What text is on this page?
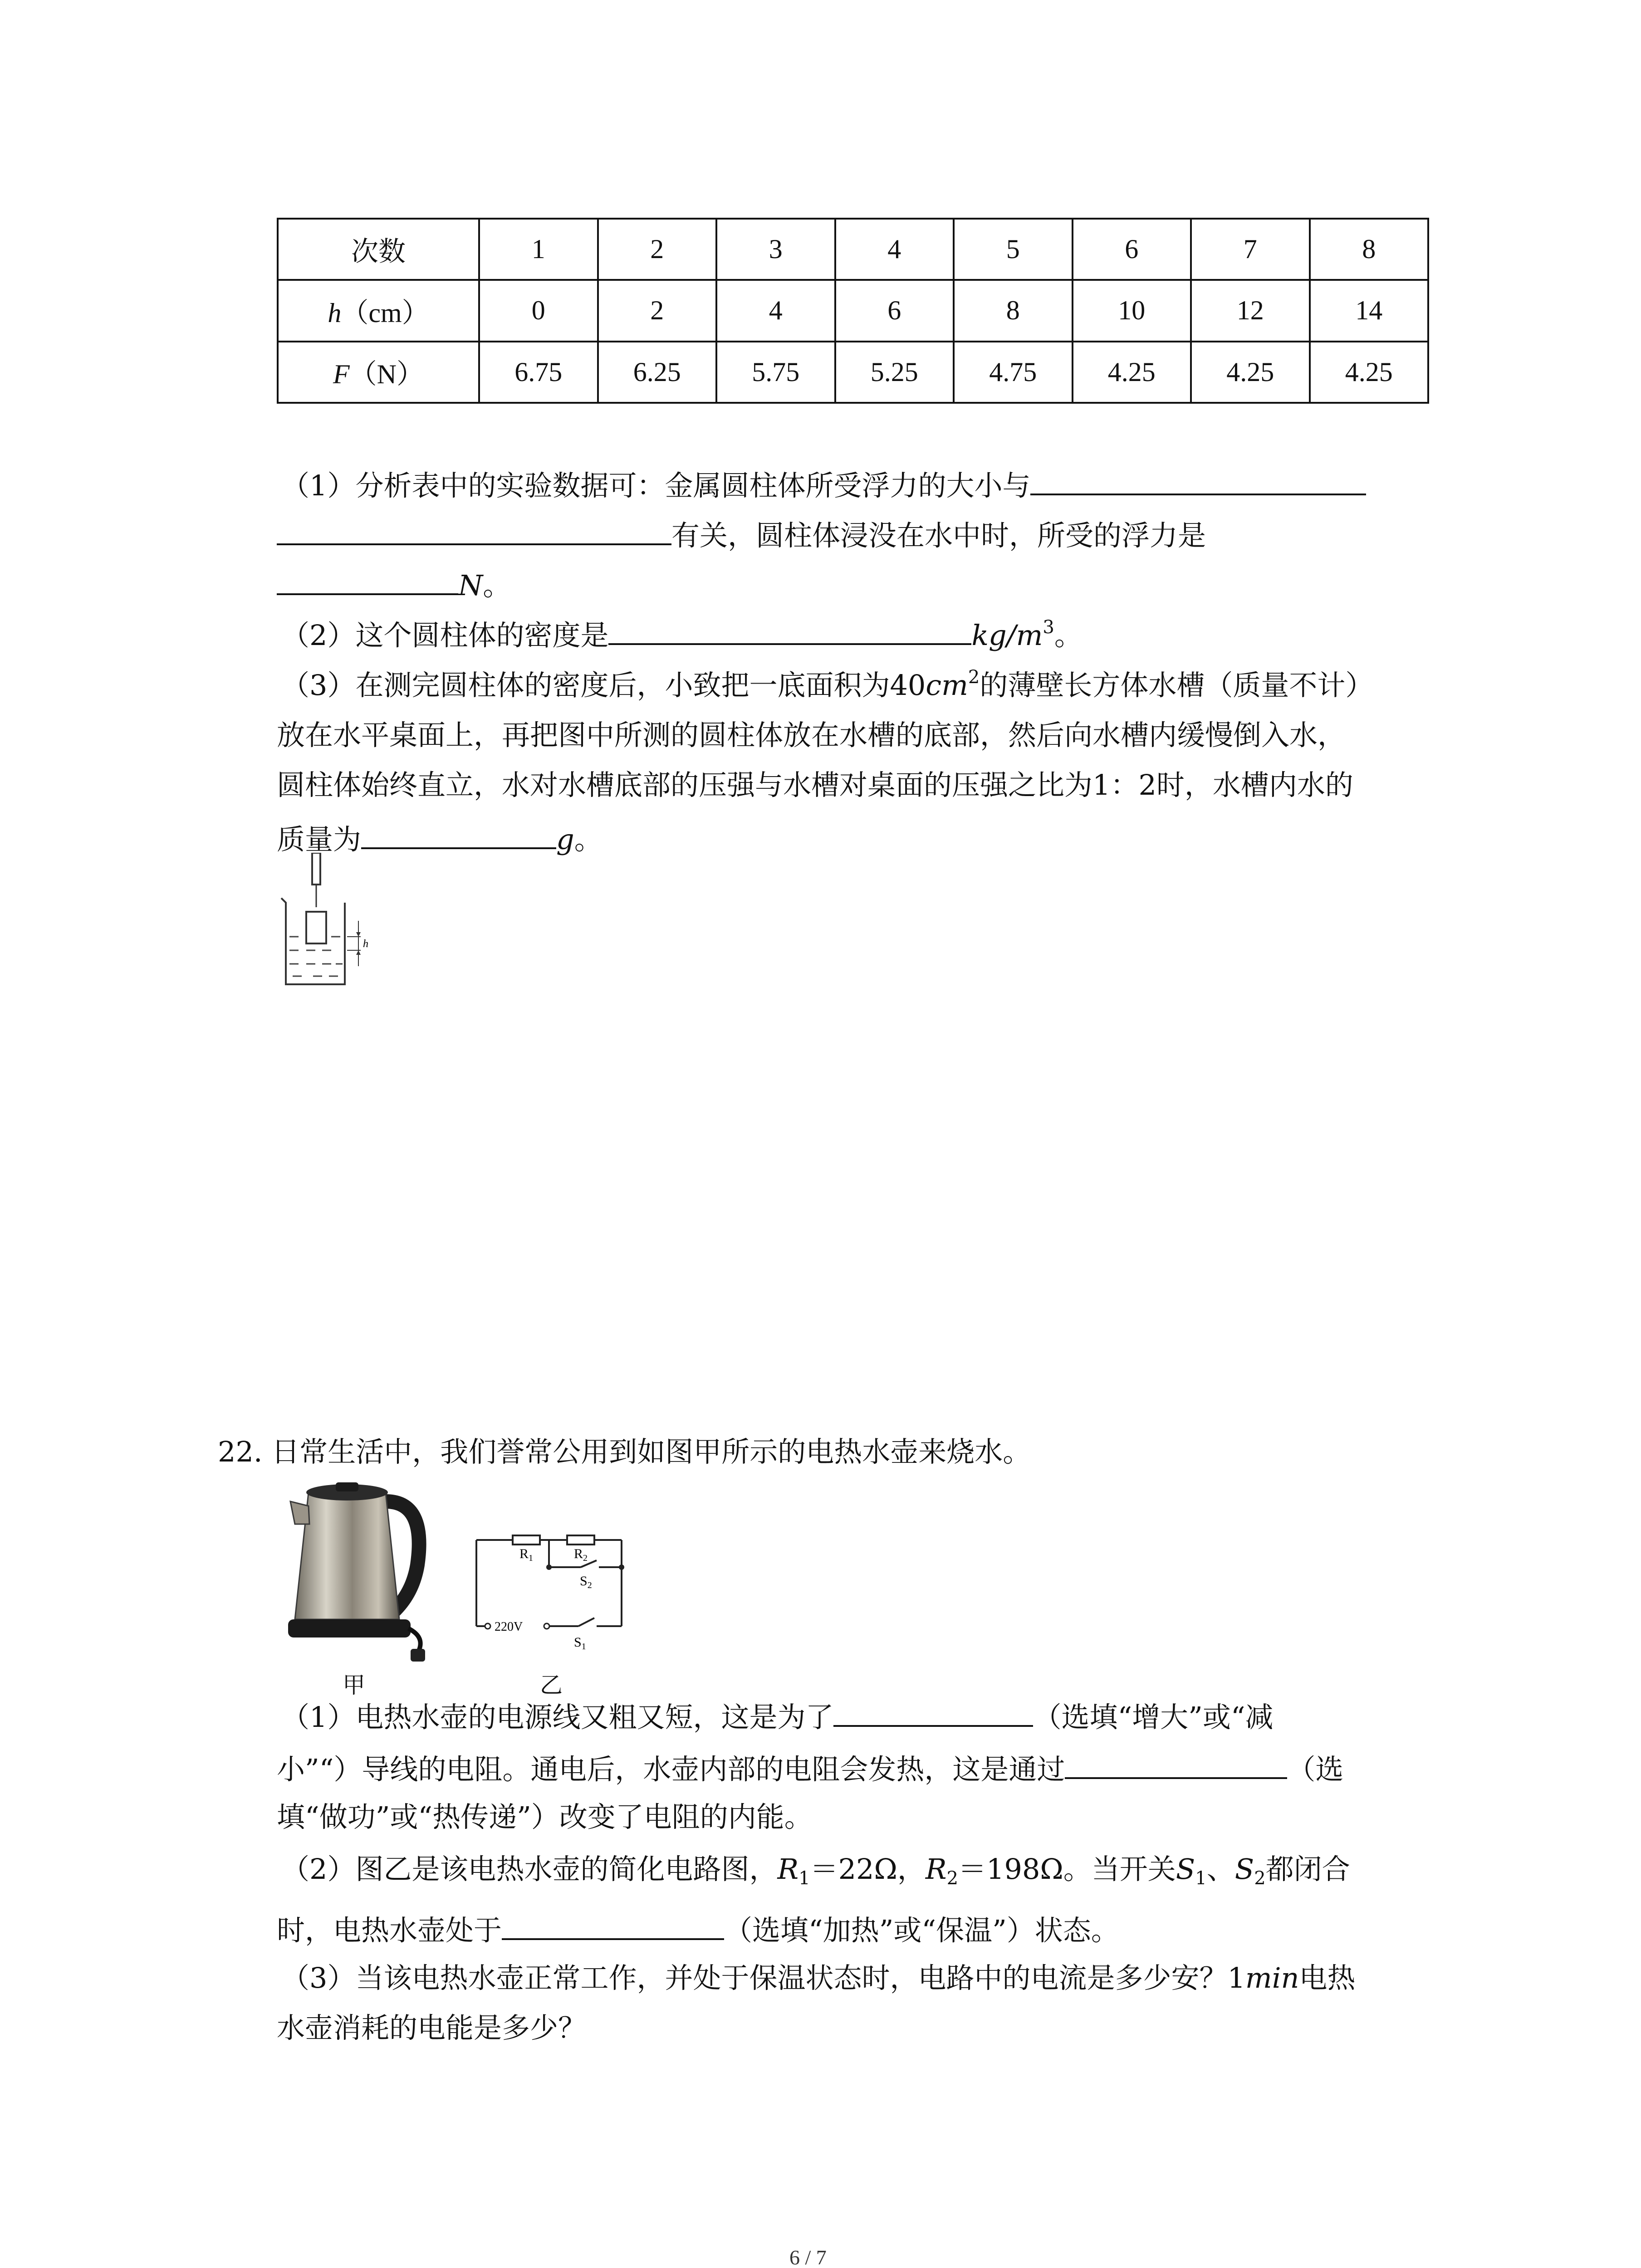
次数	1	2	3	4	5	6	7	8
h（cm）	0	2	4	6	8	10	12	14
F（N）	6.75	6.25	5.75	5.25	4.75	4.25	4.25	4.25
（1）分析表中的实验数据可：金属圆柱体所受浮力的大小与
有关，圆柱体浸没在水中时，所受的浮力是
N。
（2）这个圆柱体的密度是	$kg/m^3$。
（3）在测完圆柱体的密度后，小致把一底面积为$40cm^2$的薄壁长方体水槽（质量不计）
放在水平桌面上，再把图中所测的圆柱体放在水槽的底部，然后向水槽内缓慢倒入水，
圆柱体始终直立，水对水槽底部的压强与水槽对桌面的压强之比为1：2时，水槽内水的
质量为	g。
h
22. 日常生活中，我们誉常公用到如图甲所示的电热水壶来烧水。
甲
$R_1$	$R_2$
$S_2$
220V
$S_1$
乙
（1）电热水壶的电源线又粗又短，这是为了	（选填“增大”或“减
小”“）导线的电阻。通电后，水壶内部的电阻会发热，这是通过	（选
填“做功”或“热传递”）改变了电阻的内能。
（2）图乙是该电热水壶的简化电路图，$R_1=22\Omega$，$R_2=198\Omega$。当开关$S_1$、$S_2$都闭合
时，电热水壶处于	（选填“加热”或“保温”）状态。
（3）当该电热水壶正常工作，并处于保温状态时，电路中的电流是多少安？1min电热
水壶消耗的电能是多少？
6 / 7
